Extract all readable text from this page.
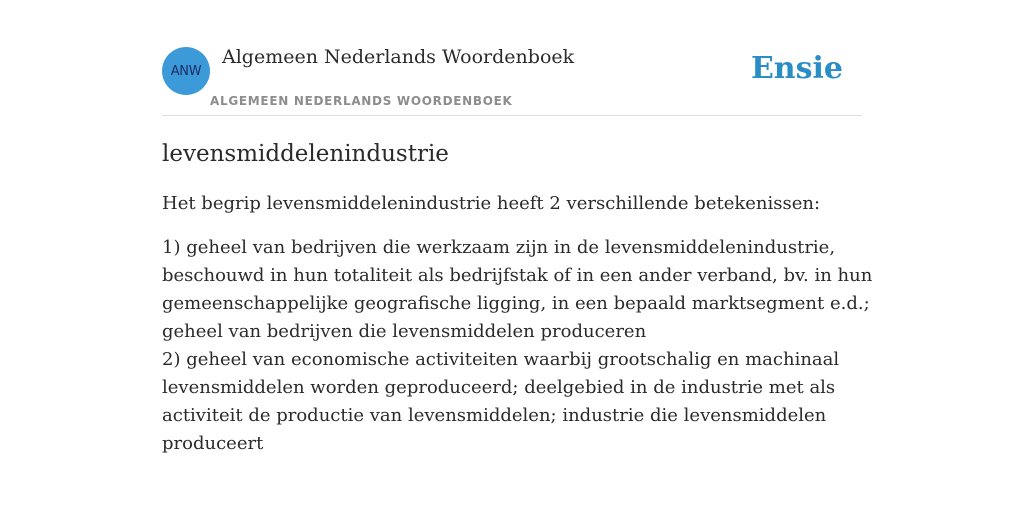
ANW
Algemeen Nederlands Woordenboek
ALGEMEEN NEDERLANDS WOORDENBOEK
Ensie
levensmiddelenindustrie

Het begrip levensmiddelenindustrie heeft 2 verschillende betekenissen:

1) geheel van bedrijven die werkzaam zijn in de levensmiddelenindustrie,
beschouwd in hun totaliteit als bedrijfstak of in een ander verband, bv. in hun
gemeenschappelijke geografische ligging, in een bepaald marktsegment e.d.;
geheel van bedrijven die levensmiddelen produceren
2) geheel van economische activiteiten waarbij grootschalig en machinaal
levensmiddelen worden geproduceerd; deelgebied in de industrie met als
activiteit de productie van levensmiddelen; industrie die levensmiddelen
produceert
